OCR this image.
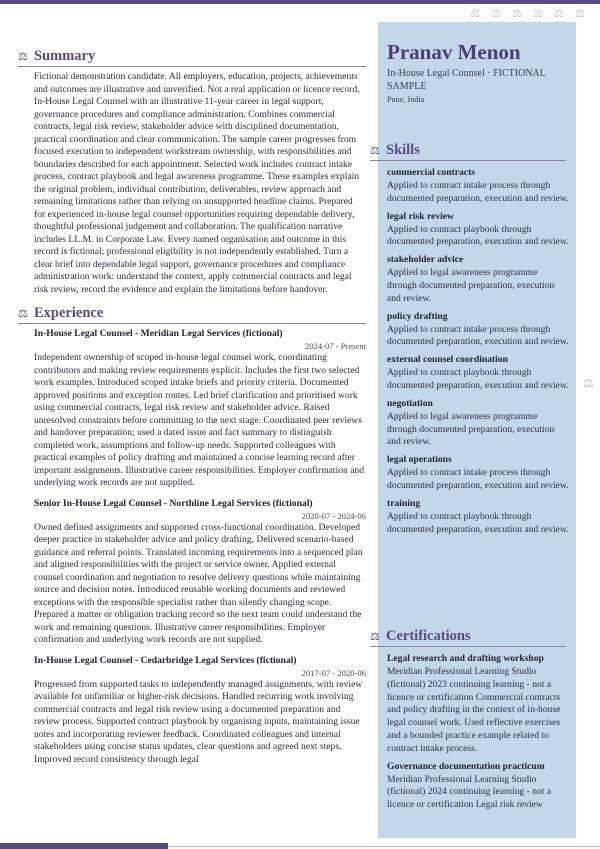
⚖ ⚖ ⚖ ⚖ ⚖ ⚖
Pranav Menon
In-House Legal Counsel · FICTIONAL SAMPLE
Pune, India
⚖
⚖ Summary

Fictional demonstration candidate. All employers, education, projects, achievements and outcomes are illustrative and unverified. Not a real application or licence record. In-House Legal Counsel with an illustrative 11-year career in legal support, governance procedures and compliance administration. Combines commercial contracts, legal risk review, stakeholder advice with disciplined documentation, practical coordination and clear communication. The sample career progresses from focused execution to independent workstream ownership, with responsibilities and boundaries described for each appointment. Selected work includes contract intake process, contract playbook and legal awareness programme. These examples explain the original problem, individual contribution, deliverables, review approach and remaining limitations rather than relying on unsupported headline claims. Prepared for experienced in-house legal counsel opportunities requiring dependable delivery, thoughtful professional judgement and collaboration. The qualification narrative includes LL.M. in Corporate Law. Every named organisation and outcome in this record is fictional; professional eligibility is not independently established. Turn a clear brief into dependable legal support, governance procedures and compliance administration work: understand the context, apply commercial contracts and legal risk review, record the evidence and explain the limitations before handover.

⚖ Experience
In-House Legal Counsel - Meridian Legal Services (fictional)
2024-07 - Present
Independent ownership of scoped in-house legal counsel work, coordinating contributors and making review requirements explicit. Includes the first two selected work examples. Introduced scoped intake briefs and priority criteria. Documented approved positions and exception routes. Led brief clarification and prioritised work using commercial contracts, legal risk review and stakeholder advice. Raised unresolved constraints before committing to the next stage. Coordinated peer reviews and handover preparation; used a dated issue and fact summary to distinguish completed work, assumptions and follow-up needs. Supported colleagues with practical examples of policy drafting and maintained a concise learning record after important assignments. Illustrative career responsibilities. Employer confirmation and underlying work records are not supplied.
Senior In-House Legal Counsel - Northline Legal Services (fictional)
2020-07 - 2024-06
Owned defined assignments and supported cross-functional coordination. Developed deeper practice in stakeholder advice and policy drafting. Delivered scenario-based guidance and referral points. Translated incoming requirements into a sequenced plan and aligned responsibilities with the project or service owner. Applied external counsel coordination and negotiation to resolve delivery questions while maintaining source and decision notes. Introduced reusable working documents and reviewed exceptions with the responsible specialist rather than silently changing scope. Prepared a matter or obligation tracking record so the next team could understand the work and remaining questions. Illustrative career responsibilities. Employer confirmation and underlying work records are not supplied.
In-House Legal Counsel - Cedarbridge Legal Services (fictional)
2017-07 - 2020-06
Progressed from supported tasks to independently managed assignments, with review available for unfamiliar or higher-risk decisions. Handled recurring work involving commercial contracts and legal risk review using a documented preparation and review process. Supported contract playbook by organising inputs, maintaining issue notes and incorporating reviewer feedback. Coordinated colleagues and internal stakeholders using concise status updates, clear questions and agreed next steps. Improved record consistency through legal
⚖ Skills
commercial contracts
Applied to contract intake process through documented preparation, execution and review.
legal risk review
Applied to contract playbook through documented preparation, execution and review.
stakeholder advice
Applied to legal awareness programme through documented preparation, execution and review.
policy drafting
Applied to contract intake process through documented preparation, execution and review.
external counsel coordination
Applied to contract playbook through documented preparation, execution and review.
negotiation
Applied to legal awareness programme through documented preparation, execution and review.
legal operations
Applied to contract intake process through documented preparation, execution and review.
training
Applied to contract playbook through documented preparation, execution and review.
⚖ Certifications
Legal research and drafting workshop
Meridian Professional Learning Studio (fictional) 2023 continuing learning - not a licence or certification Commercial contracts and policy drafting in the context of in-house legal counsel work. Used reflective exercises and a bounded practice example related to contract intake process.
Governance documentation practicum
Meridian Professional Learning Studio (fictional) 2024 continuing learning - not a licence or certification Legal risk review
